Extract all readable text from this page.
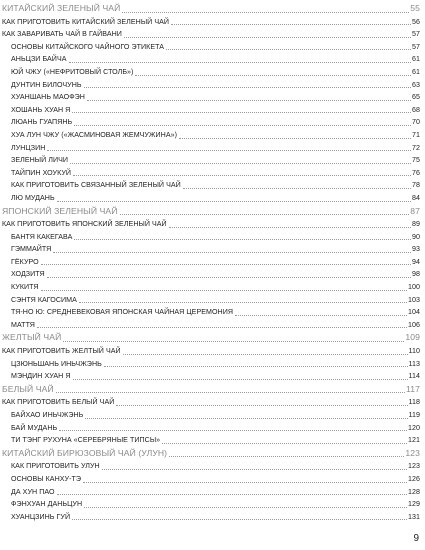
КИТАЙСКИЙ ЗЕЛЕНЫЙ ЧАЙ	55
КАК ПРИГОТОВИТЬ КИТАЙСКИЙ ЗЕЛЕНЫЙ ЧАЙ	56
КАК ЗАВАРИВАТЬ ЧАЙ В ГАЙВАНИ	57
ОСНОВЫ КИТАЙСКОГО ЧАЙНОГО ЭТИКЕТА	57
АНЬЦЗИ БАЙЧА	61
ЮЙ ЧЖУ («НЕФРИТОВЫЙ СТОЛБ»)	61
ДУНТИН БИЛОЧУНЬ	63
ХУАНШАНЬ МАОФЭН	65
ХОШАНЬ ХУАН Я	68
ЛЮАНЬ ГУАПЯНЬ	70
ХУА ЛУН ЧЖУ («ЖАСМИНОВАЯ ЖЕМЧУЖИНА»)	71
ЛУНЦЗИН	72
ЗЕЛЕНЫЙ ЛИЧИ	75
ТАЙПИН ХОУКУЙ	76
КАК ПРИГОТОВИТЬ СВЯЗАННЫЙ ЗЕЛЕНЫЙ ЧАЙ	78
ЛЮ МУДАНЬ	84
ЯПОНСКИЙ ЗЕЛЕНЫЙ ЧАЙ	87
КАК ПРИГОТОВИТЬ ЯПОНСКИЙ ЗЕЛЕНЫЙ ЧАЙ	89
БАНТЯ КАКЕГАВА	90
ГЭММАЙТЯ	93
ГЁКУРО	94
ХОДЗИТЯ	98
КУКИТЯ	100
СЭНТЯ КАГОСИМА	103
ТЯ-НО Ю: СРЕДНЕВЕКОВАЯ ЯПОНСКАЯ ЧАЙНАЯ ЦЕРЕМОНИЯ	104
МАТТЯ	106
ЖЕЛТЫЙ ЧАЙ	109
КАК ПРИГОТОВИТЬ ЖЕЛТЫЙ ЧАЙ	110
ЦЗЮНЬШАНЬ ИНЬЧЖЭНЬ	113
МЭНДИН ХУАН Я	114
БЕЛЫЙ ЧАЙ	117
КАК ПРИГОТОВИТЬ БЕЛЫЙ ЧАЙ	118
БАЙХАО ИНЬЧЖЭНЬ	119
БАЙ МУДАНЬ	120
ТИ ТЭНГ РУХУНА «СЕРЕБРЯНЫЕ ТИПСЫ»	121
КИТАЙСКИЙ БИРЮЗОВЫЙ ЧАЙ (УЛУН)	123
КАК ПРИГОТОВИТЬ УЛУН	123
ОСНОВЫ КАНХУ-ТЭ	126
ДА ХУН ПАО	128
ФЭНХУАН ДАНЬЦУН	129
ХУАНЦЗИНЬ ГУЙ	131
9
